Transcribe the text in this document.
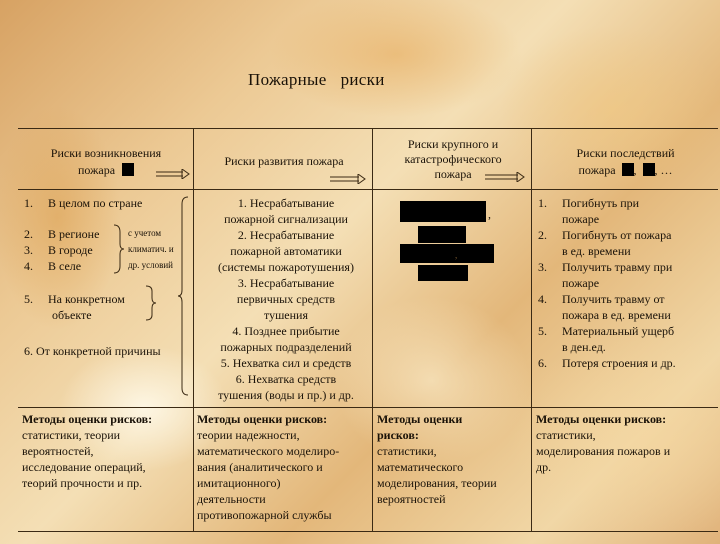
Пожарные риски
Риски возникновения
пожара
Риски развития пожара
Риски крупного и
катастрофического
пожара
Риски последствий
пожара , , …
1. В целом по стране
2. В регионе
3. В городе
4. В селе
5. На конкретном
объекте
6. От конкретной причины
с учетом
климатич. и
др. условий
1. Несрабатывание
пожарной сигнализации
2. Несрабатывание
пожарной автоматики
(системы пожаротушения)
3. Несрабатывание
первичных средств
тушения
4. Позднее прибытие
пожарных подразделений
5. Нехватка сил и средств
6. Нехватка средств
тушения (воды и пр.) и др.
,
,
1.
2.
3.
4.
5.
6.
Погибнуть при
пожаре
Погибнуть от пожара
в ед. времени
Получить травму при
пожаре
Получить травму от
пожара в ед. времени
Материальный ущерб
в ден.ед.
Потеря строения и др.
Методы оценки рисков:
статистики, теории
вероятностей,
исследование операций,
теорий прочности и пр.
Методы оценки рисков:
теории надежности,
математического моделиро-
вания (аналитического и
имитационного)
деятельности
противопожарной службы
Методы оценки
рисков:
статистики,
математического
моделирования, теории
вероятностей
Методы оценки рисков:
статистики,
моделирования пожаров и
др.
